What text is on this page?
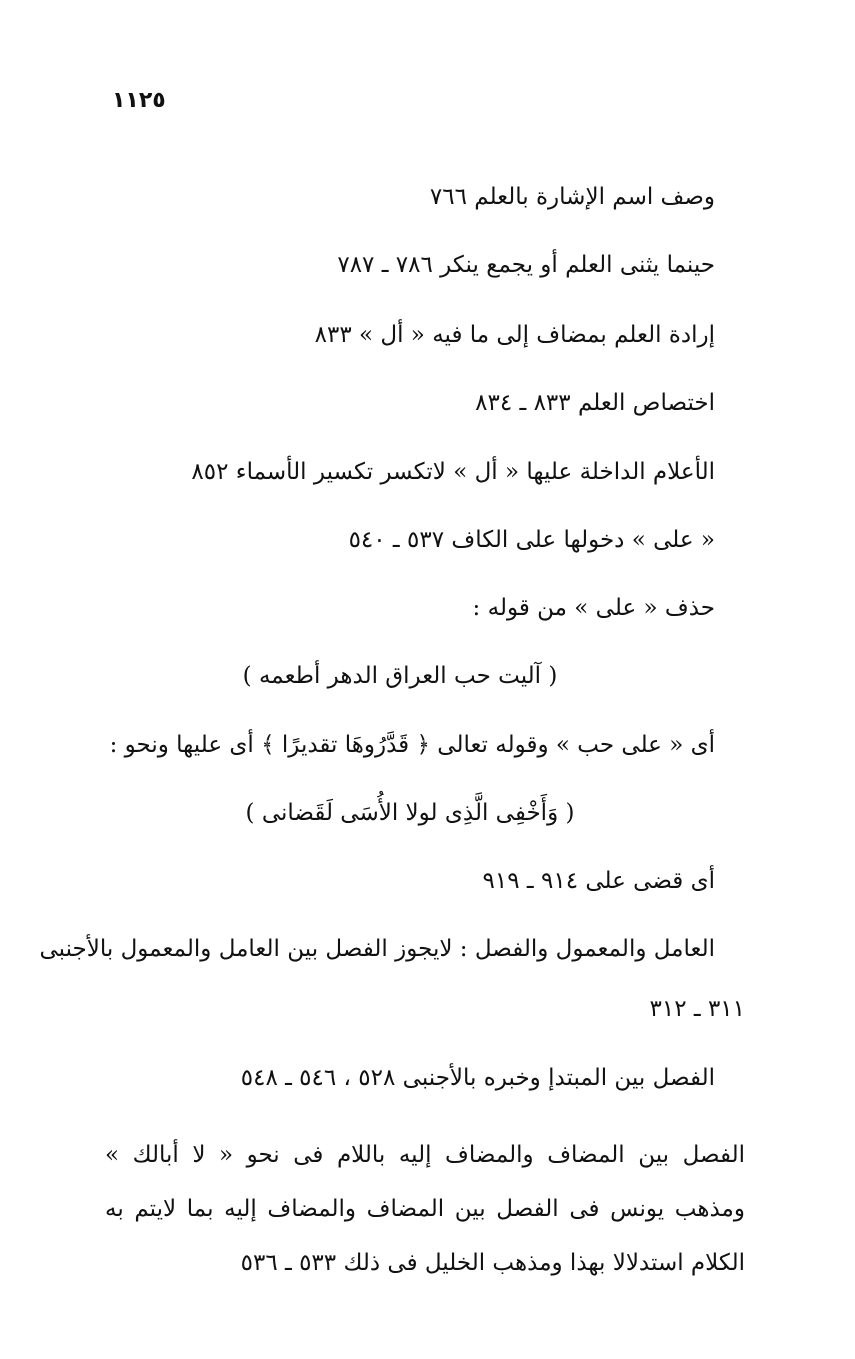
١١٢٥
وصف اسم الإشارة بالعلم ٧٦٦
حينما يثنى العلم أو يجمع ينكر ٧٨٦ ـ ٧٨٧
إرادة العلم بمضاف إلى ما فيه « أل » ٨٣٣
اختصاص العلم ٨٣٣ ـ ٨٣٤
الأعلام الداخلة عليها « أل » لاتكسر تكسير الأسماء ٨٥٢
« على » دخولها على الكاف ٥٣٧ ـ ٥٤٠
حذف « على » من قوله :
( آليت حب العراق الدهر أطعمه )
أى « على حب » وقوله تعالى ﴿ قَدَّرُوهَا تقديرًا ﴾ أى عليها ونحو :
( وَأَخْفِى الَّذِى لولا الأُسَى لَقَضانى )
أى قضى على ٩١٤ ـ ٩١٩
العامل والمعمول والفصل : لايجوز الفصل بين العامل والمعمول بالأجنبى
٣١١ ـ ٣١٢
الفصل بين المبتدإ وخبره بالأجنبى ٥٢٨ ، ٥٤٦ ـ ٥٤٨
الفصل بين المضاف والمضاف إليه باللام فى نحو « لا أبالك » ومذهب يونس فى الفصل بين المضاف والمضاف إليه بما لايتم به الكلام استدلالا بهذا ومذهب الخليل فى ذلك ٥٣٣ ـ ٥٣٦
